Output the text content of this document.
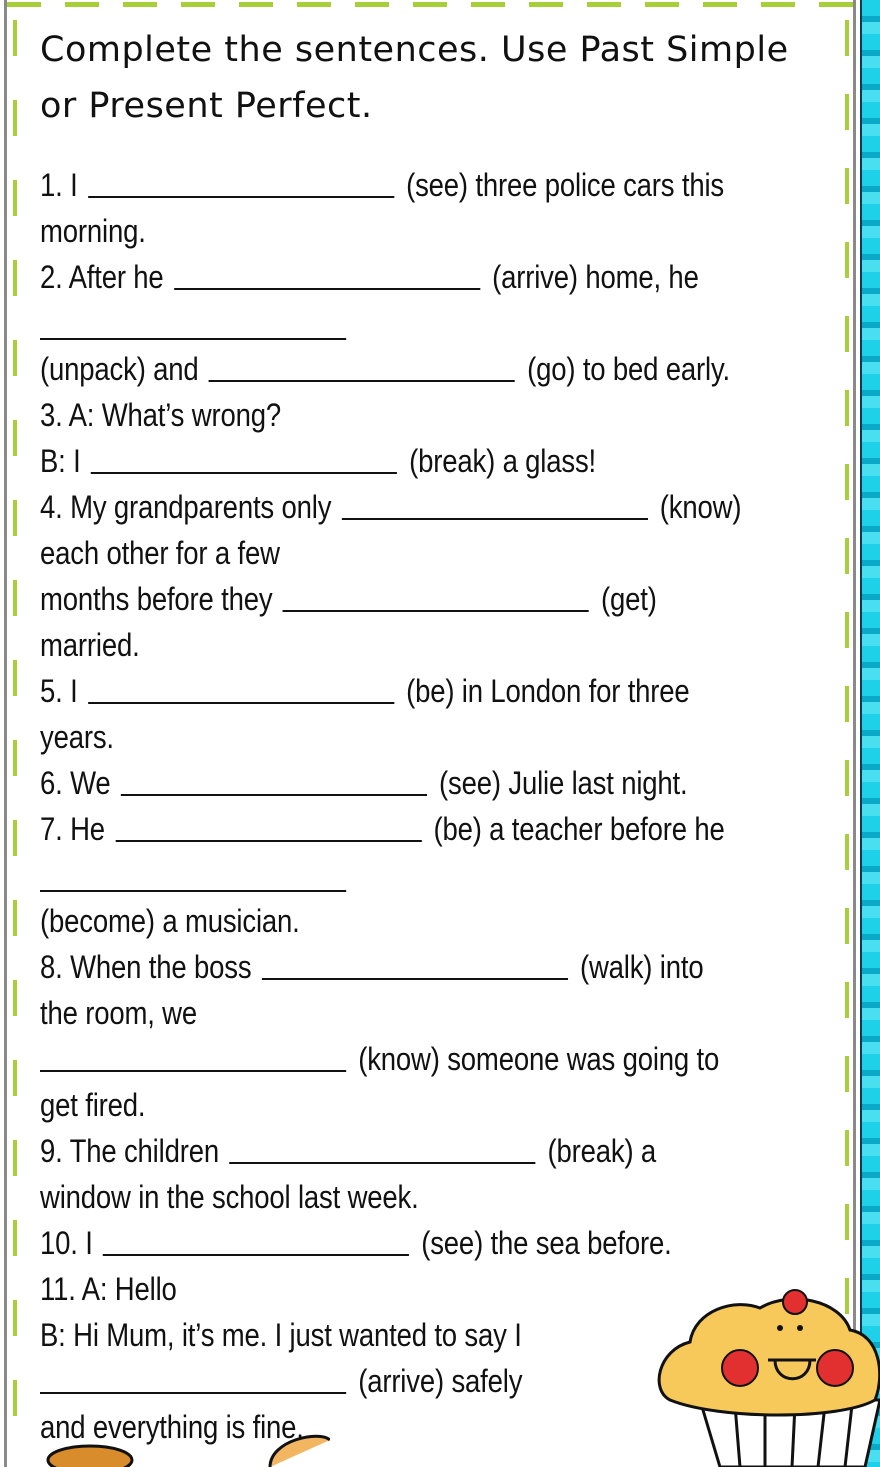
Complete the sentences. Use Past Simple or Present Perfect.
1. I	(see) three police cars this
morning.
2. After he	(arrive) home, he
(unpack) and	(go) to bed early.
3. A: What’s wrong?
B: I	(break) a glass!
4. My grandparents only	(know)
each other for a few
months before they	(get)
married.
5. I	(be) in London for three
years.
6. We	(see) Julie last night.
7. He	(be) a teacher before he
(become) a musician.
8. When the boss	(walk) into
the room, we
(know) someone was going to
get fired.
9. The children	(break) a
window in the school last week.
10. I	(see) the sea before.
11. A: Hello
B: Hi Mum, it’s me. I just wanted to say I
(arrive) safely
and everything is fine.
